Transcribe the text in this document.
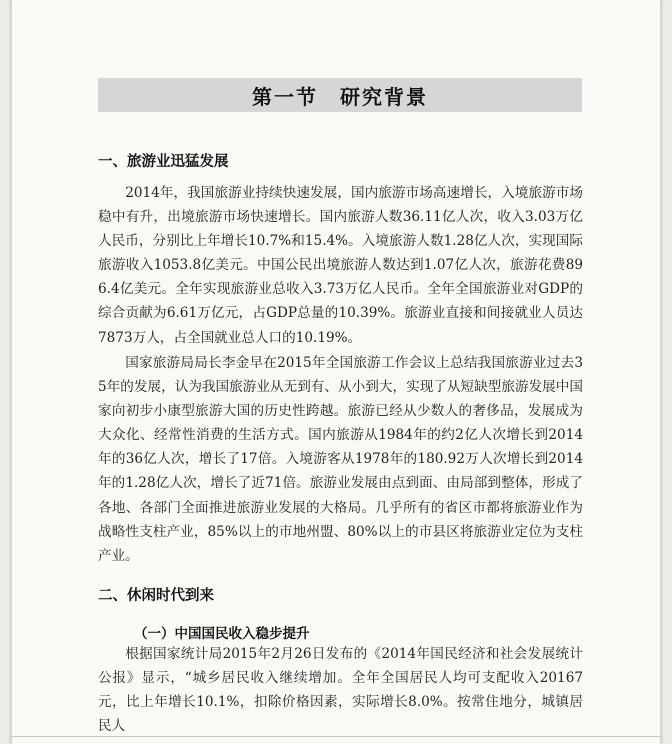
第一节 研究背景
一、旅游业迅猛发展
2014年，我国旅游业持续快速发展，国内旅游市场高速增长，入境旅游市场稳中有升，出境旅游市场快速增长。国内旅游人数36.11亿人次，收入3.03万亿人民币，分别比上年增长10.7%和15.4%。入境旅游人数1.28亿人次，实现国际旅游收入1053.8亿美元。中国公民出境旅游人数达到1.07亿人次，旅游花费896.4亿美元。全年实现旅游业总收入3.73万亿人民币。全年全国旅游业对GDP的综合贡献为6.61万亿元，占GDP总量的10.39%。旅游业直接和间接就业人员达7873万人，占全国就业总人口的10.19%。
国家旅游局局长李金早在2015年全国旅游工作会议上总结我国旅游业过去35年的发展，认为我国旅游业从无到有、从小到大，实现了从短缺型旅游发展中国家向初步小康型旅游大国的历史性跨越。旅游已经从少数人的奢侈品，发展成为大众化、经常性消费的生活方式。国内旅游从1984年的约2亿人次增长到2014年的36亿人次，增长了17倍。入境游客从1978年的180.92万人次增长到2014年的1.28亿人次，增长了近71倍。旅游业发展由点到面、由局部到整体，形成了各地、各部门全面推进旅游业发展的大格局。几乎所有的省区市都将旅游业作为战略性支柱产业，85%以上的市地州盟、80%以上的市县区将旅游业定位为支柱产业。
二、休闲时代到来
（一）中国国民收入稳步提升
根据国家统计局2015年2月26日发布的《2014年国民经济和社会发展统计公报》显示，“城乡居民收入继续增加。全年全国居民人均可支配收入20167元，比上年增长10.1%，扣除价格因素，实际增长8.0%。按常住地分，城镇居民人
